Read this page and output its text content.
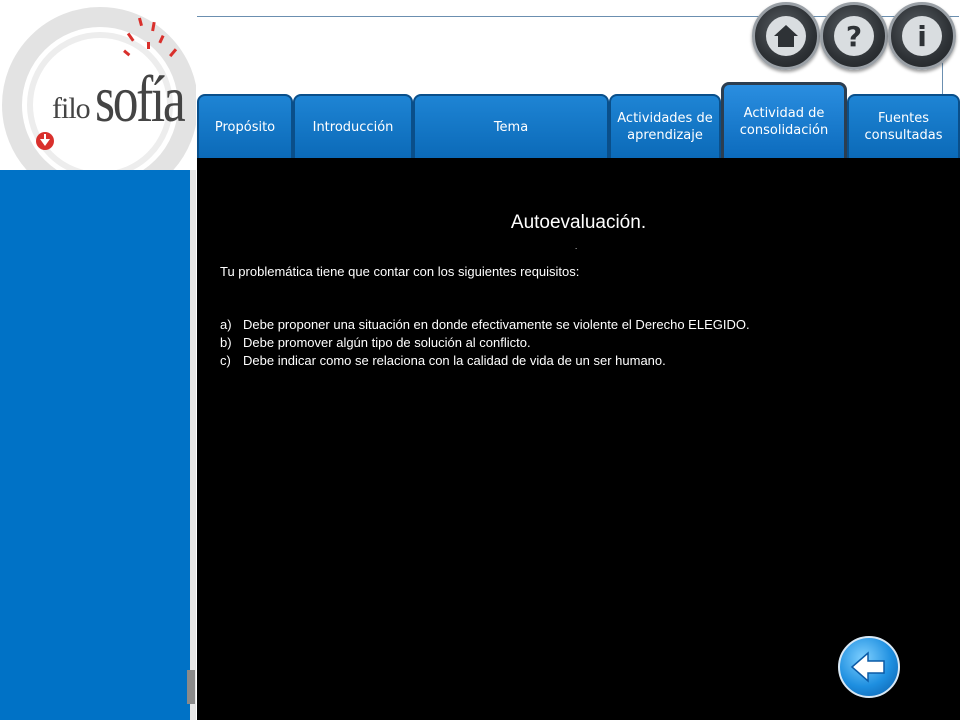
filo sofía
?	i
Propósito	Introducción	Tema
Actividades de aprendizaje
Actividad de consolidación
Fuentes consultadas
Autoevaluación.
.
Tu problemática tiene que contar con los siguientes requisitos:
a) Debe proponer una situación en donde efectivamente se violente el Derecho ELEGIDO.
b) Debe promover algún tipo de solución al conflicto.
c) Debe indicar como se relaciona con la calidad de vida de un ser humano.
